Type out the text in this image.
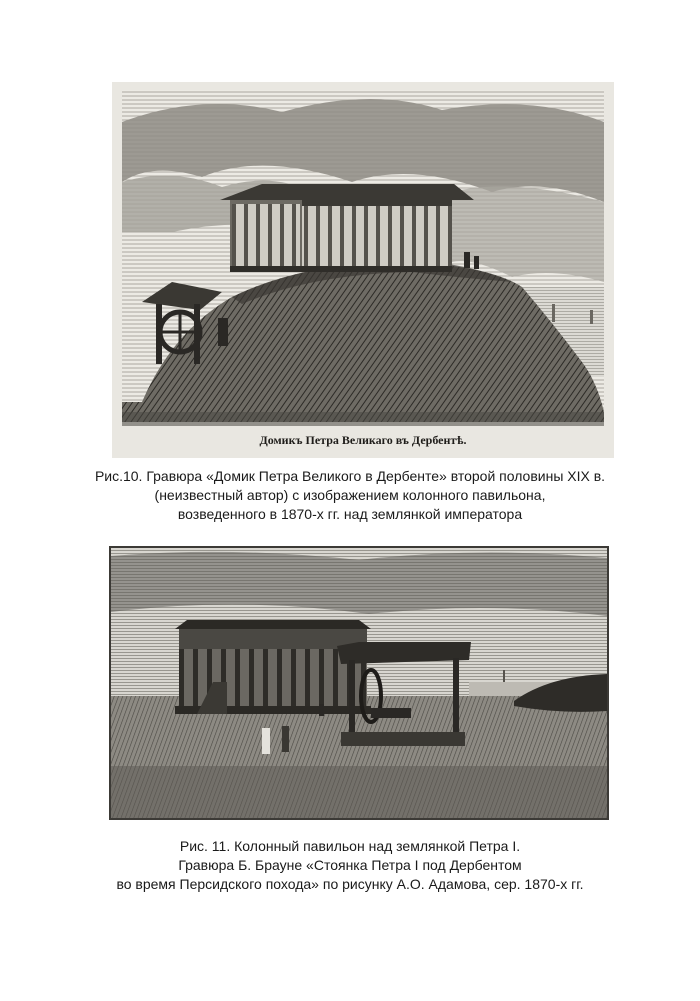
Домикъ Петра Великаго въ Дербентѣ.
Рис.10. Гравюра «Домик Петра Великого в Дербенте» второй половины XIX в.
(неизвестный автор) с изображением колонного павильона,
возведенного в 1870-х гг. над землянкой императора
Рис. 11. Колонный павильон над землянкой Петра I.
Гравюра Б. Брауне «Стоянка Петра I под Дербентом
во время Персидского похода» по рисунку А.О. Адамова, сер. 1870-х гг.
